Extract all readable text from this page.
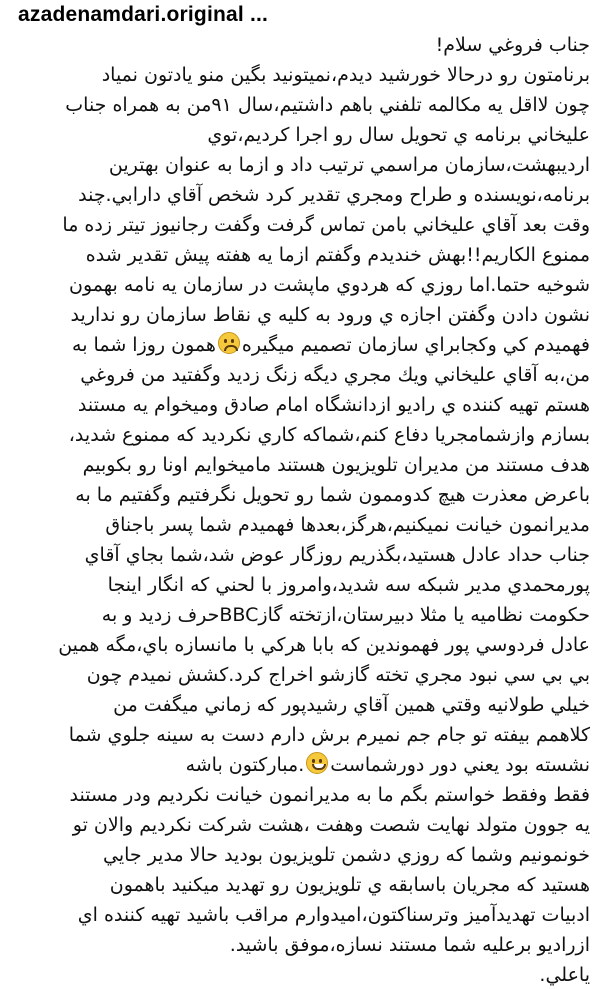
azadenamdari.original ...
جناب فروغي سلام!
برنامتون رو درحالا خورشيد ديدم،نميتونيد بگين منو يادتون نمياد
چون لااقل يه مكالمه تلفني باهم داشتيم،سال ٩١من به همراه جناب
عليخاني برنامه ي تحويل سال رو اجرا كرديم،توي
ارديبهشت،سازمان مراسمي ترتيب داد و ازما به عنوان بهترين
برنامه،نويسنده و طراح ومجري تقدير كرد شخص آقاي دارابي.چند
وقت بعد آقاي عليخاني بامن تماس گرفت وگفت رجانيوز تيتر زده ما
ممنوع الكاريم!!بهش خنديدم وگفتم ازما يه هفته پيش تقدير شده
شوخيه حتما.اما روزي كه هردوي ماپشت در سازمان يه نامه بهمون
نشون دادن وگفتن اجازه ي ورود به كليه ي نقاط سازمان رو نداريد
فهميدم كي وكجابراي سازمان تصميم ميگيره
همون روزا شما به
من،به آقاي عليخاني ويك مجري ديگه زنگ زديد وگفتيد من فروغي
هستم تهيه كننده ي راديو ازدانشگاه امام صادق وميخوام يه مستند
بسازم وازشمامجريا دفاع كنم،شماكه كاري نكرديد كه ممنوع شديد،
هدف مستند من مديران تلويزيون هستند ماميخوايم اونا رو بكوبيم
باعرض معذرت هيچ كدوممون شما رو تحويل نگرفتيم وگفتيم ما به
مديرانمون خيانت نميكنيم،هرگز،بعدها فهميدم شما پسر باجناق
جناب حداد عادل هستيد،بگذريم روزگار عوض شد،شما بجاي آقاي
پورمحمدي مدير شبكه سه شديد،وامروز با لحني كه انگار اينجا
حكومت نظاميه يا مثلا دبيرستان،ازتخته گازBBCحرف زديد و به
عادل فردوسي پور فهموندين كه بابا هركي با مانسازه باي،مگه همين
بي بي سي نبود مجري تخته گازشو اخراج كرد.كشش نميدم چون
خيلي طولانيه وقتي همين آقاي رشيدپور كه زماني ميگفت من
كلاهمم بيفته تو جام جم نميرم برش دارم دست به سينه جلوي شما
نشسته بود يعني دور دورشماست
.مباركتون باشه
فقط وفقط خواستم بگم ما به مديرانمون خيانت نكرديم ودر مستند
يه جوون متولد نهايت شصت وهفت ،هشت شركت نكرديم والان تو
خونمونيم وشما كه روزي دشمن تلويزيون بوديد حالا مدير جايي
هستيد كه مجريان باسابقه ي تلويزيون رو تهديد ميكنيد باهمون
ادبيات تهديدآميز وترسناكتون،اميدوارم مراقب باشيد تهيه كننده اي
ازراديو برعليه شما مستند نسازه،موفق باشيد.
ياعلي.
